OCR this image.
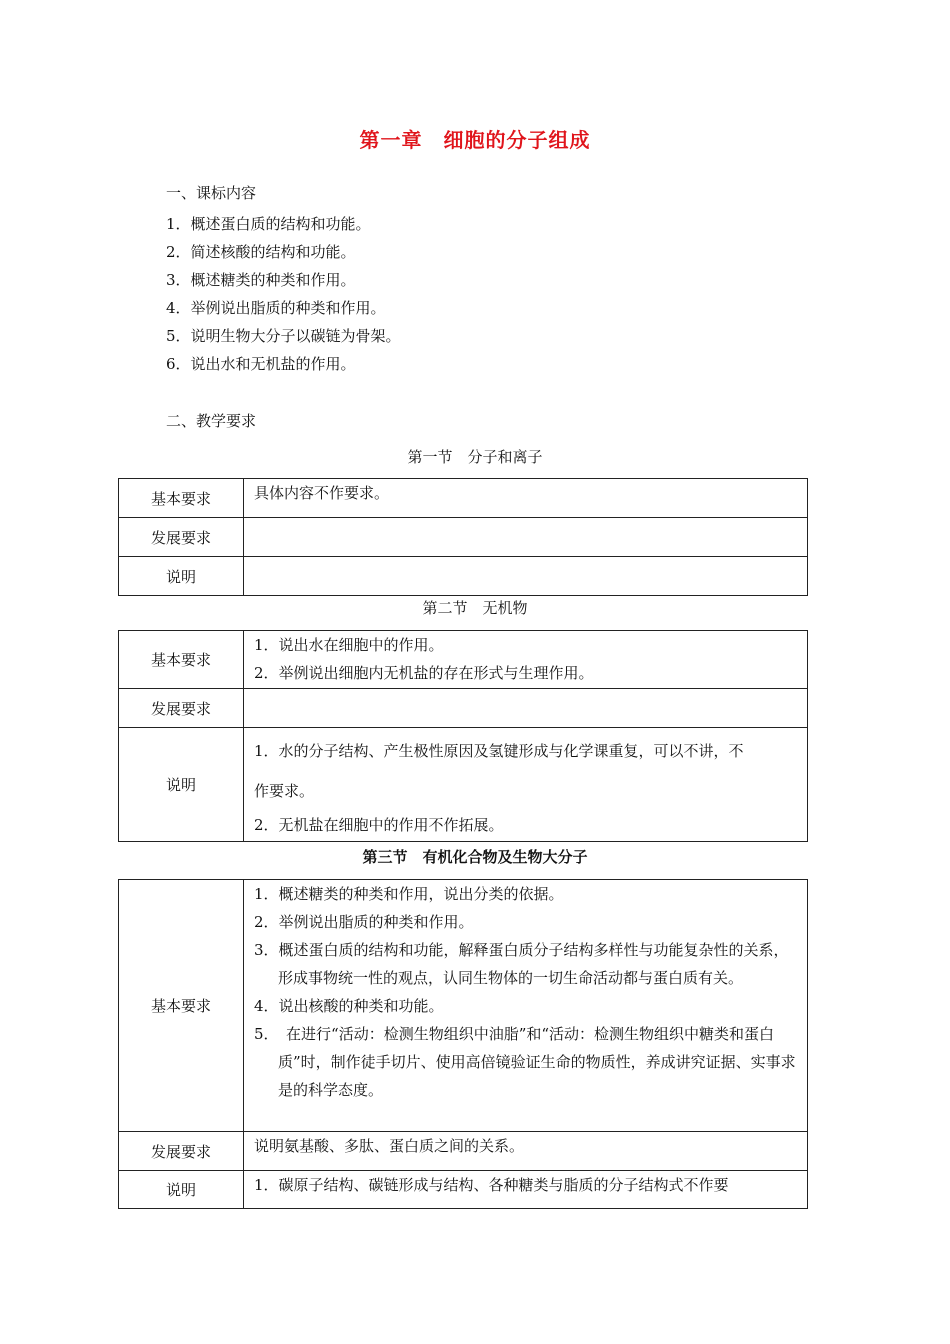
第一章　细胞的分子组成
一、课标内容
1．概述蛋白质的结构和功能。
2．简述核酸的结构和功能。
3．概述糖类的种类和作用。
4．举例说出脂质的种类和作用。
5．说明生物大分子以碳链为骨架。
6．说出水和无机盐的作用。
二、教学要求
第一节　分子和离子
基本要求	具体内容不作要求。
发展要求	
说明	
第二节　无机物
基本要求	1．说出水在细胞中的作用。
2．举例说出细胞内无机盐的存在形式与生理作用。

发展要求	
说明	1．水的分子结构、产生极性原因及氢键形成与化学课重复，可以不讲，不
作要求。
2．无机盐在细胞中的作用不作拓展。
第三节　有机化合物及生物大分子
基本要求	1．概述糖类的种类和作用，说出分类的依据。
2．举例说出脂质的种类和作用。
3．概述蛋白质的结构和功能，解释蛋白质分子结构多样性与功能复杂性的关系，形成事物统一性的观点，认同生物体的一切生命活动都与蛋白质有关。
4．说出核酸的种类和功能。
5．　在进行“活动：检测生物组织中油脂”和“活动：检测生物组织中糖类和蛋白质”时，制作徒手切片、使用高倍镜验证生命的物质性，养成讲究证据、实事求是的科学态度。

发展要求	说明氨基酸、多肽、蛋白质之间的关系。
说明	1．碳原子结构、碳链形成与结构、各种糖类与脂质的分子结构式不作要
